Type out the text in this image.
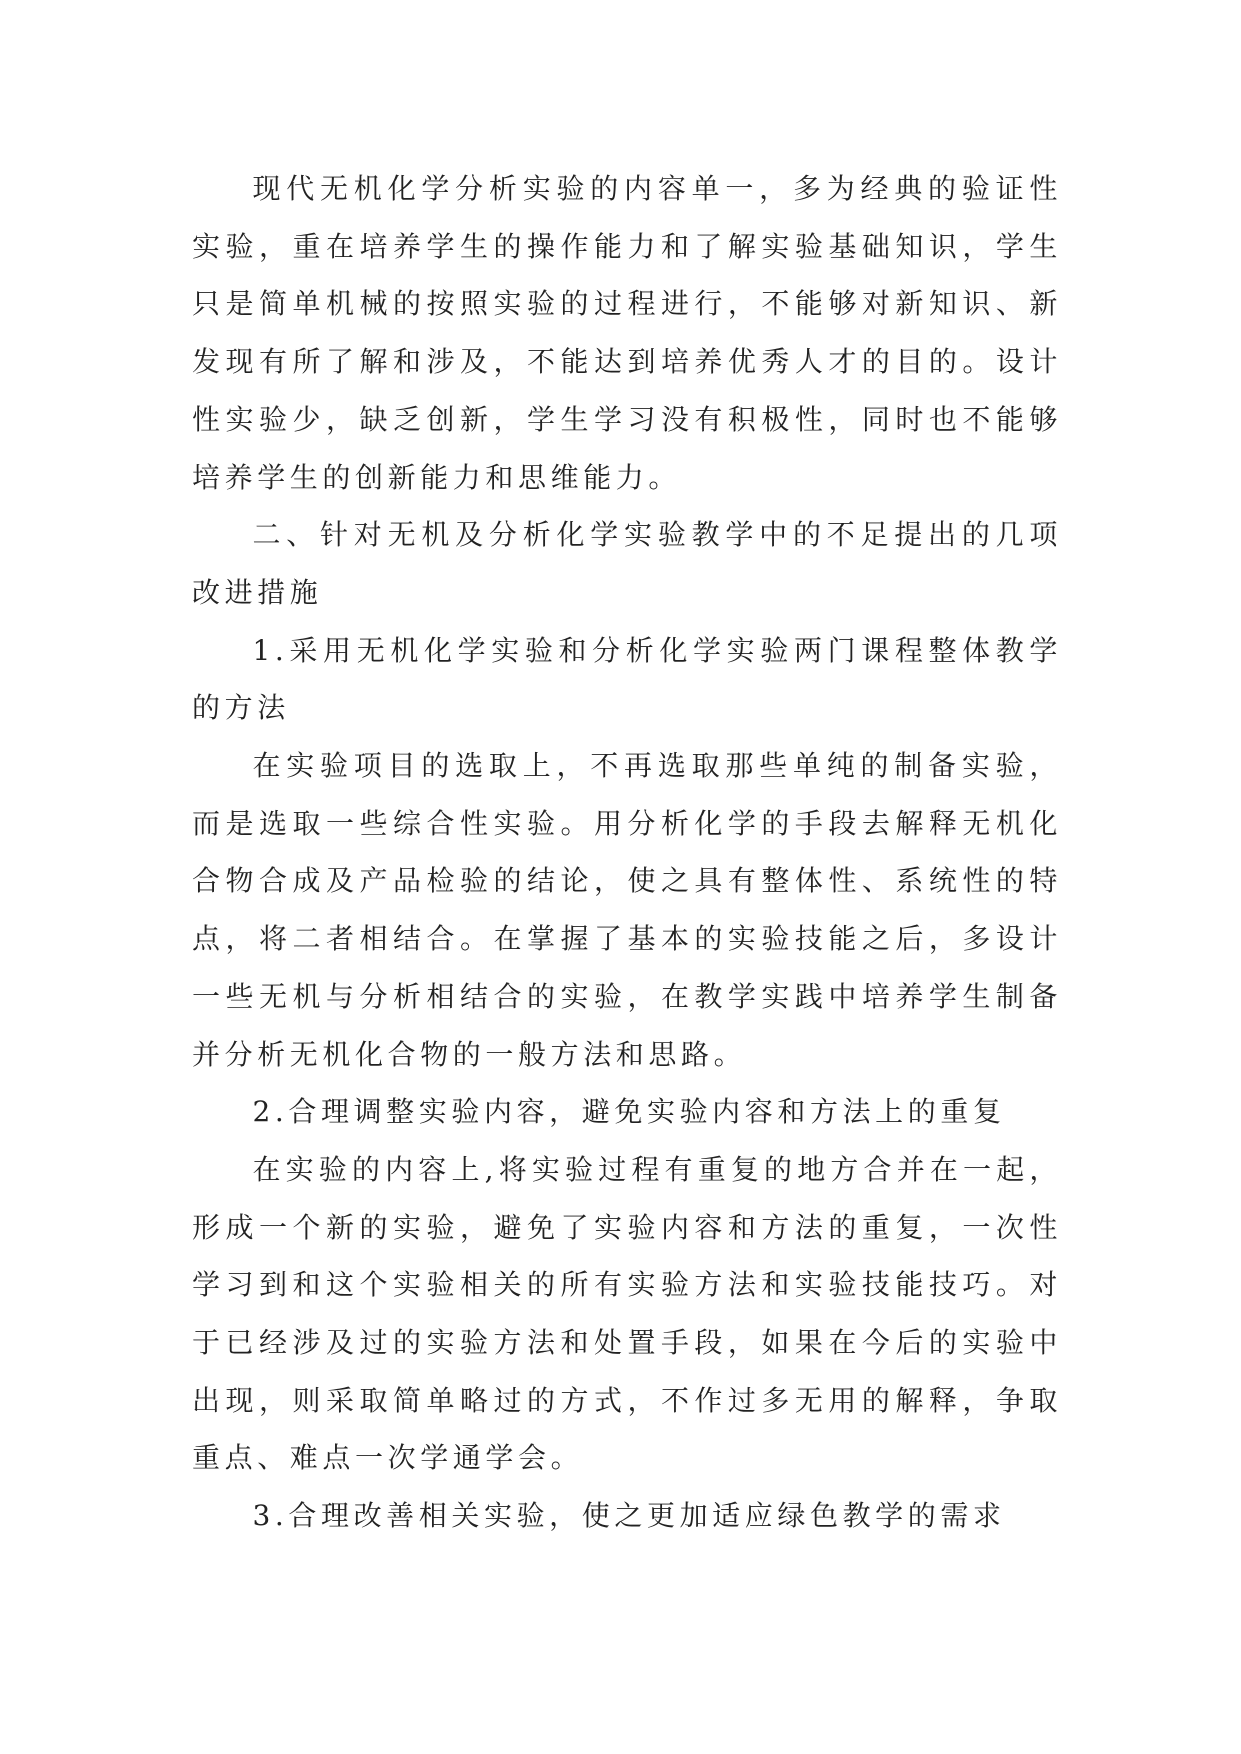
现代无机化学分析实验的内容单一，多为经典的验证性实验，重在培养学生的操作能力和了解实验基础知识，学生只是简单机械的按照实验的过程进行，不能够对新知识、新发现有所了解和涉及，不能达到培养优秀人才的目的。设计性实验少，缺乏创新，学生学习没有积极性，同时也不能够培养学生的创新能力和思维能力。

二、针对无机及分析化学实验教学中的不足提出的几项改进措施

1.采用无机化学实验和分析化学实验两门课程整体教学的方法

在实验项目的选取上，不再选取那些单纯的制备实验，而是选取一些综合性实验。用分析化学的手段去解释无机化合物合成及产品检验的结论，使之具有整体性、系统性的特点，将二者相结合。在掌握了基本的实验技能之后，多设计一些无机与分析相结合的实验，在教学实践中培养学生制备并分析无机化合物的一般方法和思路。

2.合理调整实验内容，避免实验内容和方法上的重复

在实验的内容上,将实验过程有重复的地方合并在一起，形成一个新的实验，避免了实验内容和方法的重复，一次性学习到和这个实验相关的所有实验方法和实验技能技巧。对于已经涉及过的实验方法和处置手段，如果在今后的实验中出现，则采取简单略过的方式，不作过多无用的解释，争取重点、难点一次学通学会。

3.合理改善相关实验，使之更加适应绿色教学的需求
